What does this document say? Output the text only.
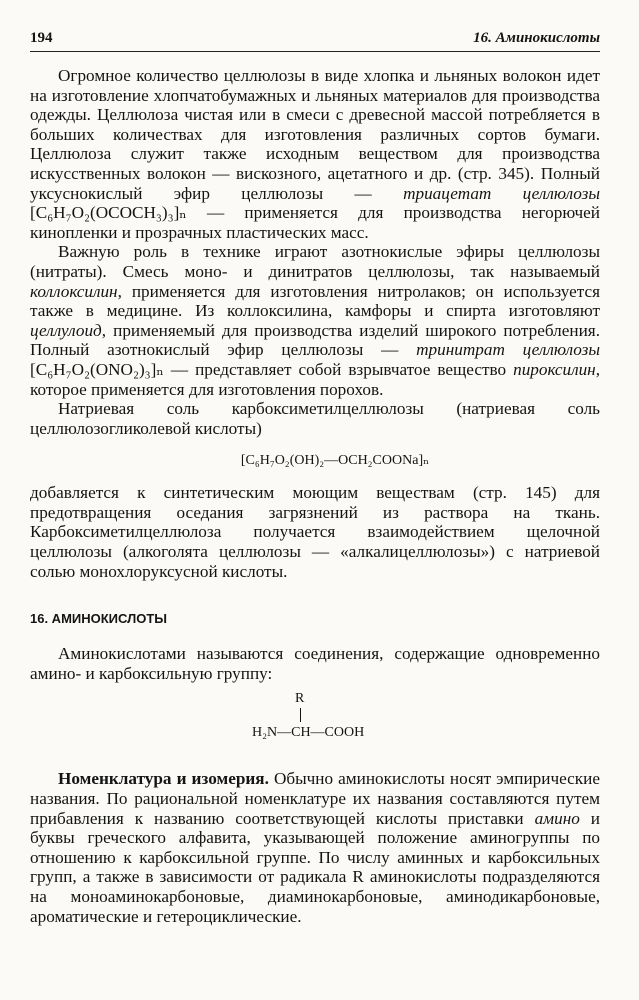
194	16. Аминокислоты

Огромное количество целлюлозы в виде хлопка и льняных волокон идет на изготовление хлопчатобумажных и льняных материалов для производства одежды. Целлюлоза чистая или в смеси с древесной массой потребляется в больших количествах для изготовления различных сортов бумаги. Целлюлоза служит также исходным веществом для производства искусственных волокон — вискозного, ацетатного и др. (стр. 345). Полный уксуснокислый эфир целлюлозы — триацетат целлюлозы [C₆H₇O₂(OCOCH₃)₃]ₙ — применяется для производства негорючей кинопленки и прозрачных пластических масс.

Важную роль в технике играют азотнокислые эфиры целлюлозы (нитраты). Смесь моно- и динитратов целлюлозы, так называемый коллоксилин, применяется для изготовления нитролаков; он используется также в медицине. Из коллоксилина, камфоры и спирта изготовляют целлулоид, применяемый для производства изделий широкого потребления. Полный азотнокислый эфир целлюлозы — тринитрат целлюлозы [C₆H₇O₂(ONO₂)₃]ₙ — представляет собой взрывчатое вещество пироксилин, которое применяется для изготовления порохов.

Натриевая соль карбоксиметилцеллюлозы (натриевая соль целлюлозогликолевой кислоты)

[C₆H₇O₂(OH)₂—OCH₂COONa]ₙ

добавляется к синтетическим моющим веществам (стр. 145) для предотвращения оседания загрязнений из раствора на ткань. Карбоксиметилцеллюлоза получается взаимодействием щелочной целлюлозы (алкоголята целлюлозы — «алкалицеллюлозы») с натриевой солью монохлоруксусной кислоты.

16. АМИНОКИСЛОТЫ

Аминокислотами называются соединения, содержащие одновременно амино- и карбоксильную группу:

R
H₂N—CH—COOH

Номенклатура и изомерия. Обычно аминокислоты носят эмпирические названия. По рациональной номенклатуре их названия составляются путем прибавления к названию соответствующей кислоты приставки амино и буквы греческого алфавита, указывающей положение аминогруппы по отношению к карбоксильной группе. По числу аминных и карбоксильных групп, а также в зависимости от радикала R аминокислоты подразделяются на моноаминокарбоновые, диаминокарбоновые, аминодикарбоновые, ароматические и гетероциклические.
